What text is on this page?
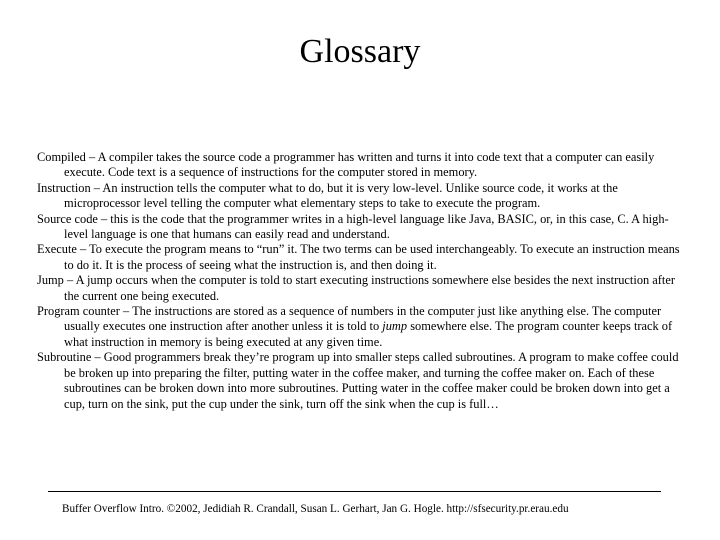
Glossary

Compiled – A compiler takes the source code a programmer has written and turns it into code text that a computer can easily execute. Code text is a sequence of instructions for the computer stored in memory.

Instruction – An instruction tells the computer what to do, but it is very low-level. Unlike source code, it works at the microprocessor level telling the computer what elementary steps to take to execute the program.

Source code – this is the code that the programmer writes in a high-level language like Java, BASIC, or, in this case, C. A high-level language is one that humans can easily read and understand.

Execute – To execute the program means to “run” it. The two terms can be used interchangeably. To execute an instruction means to do it. It is the process of seeing what the instruction is, and then doing it.

Jump – A jump occurs when the computer is told to start executing instructions somewhere else besides the next instruction after the current one being executed.

Program counter – The instructions are stored as a sequence of numbers in the computer just like anything else. The computer usually executes one instruction after another unless it is told to jump somewhere else. The program counter keeps track of what instruction in memory is being executed at any given time.

Subroutine – Good programmers break they’re program up into smaller steps called subroutines. A program to make coffee could be broken up into preparing the filter, putting water in the coffee maker, and turning the coffee maker on. Each of these subroutines can be broken down into more subroutines. Putting water in the coffee maker could be broken down into get a cup, turn on the sink, put the cup under the sink, turn off the sink when the cup is full…

Buffer Overflow Intro. ©2002, Jedidiah R. Crandall, Susan L. Gerhart, Jan G. Hogle. http://sfsecurity.pr.erau.edu
